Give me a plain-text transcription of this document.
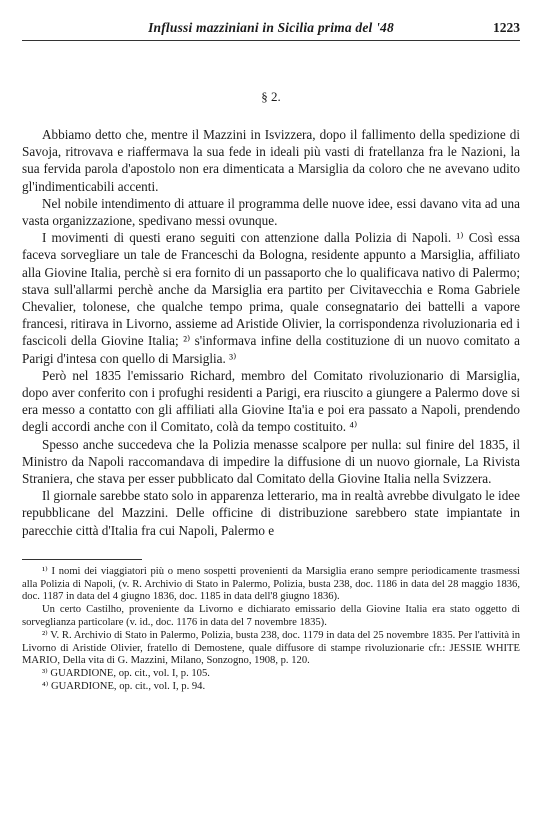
Influssi mazziniani in Sicilia prima del '48	1223
§ 2.

Abbiamo detto che, mentre il Mazzini in Isvizzera, dopo il fallimento della spedizione di Savoja, ritrovava e riaffermava la sua fede in ideali più vasti di fratellanza fra le Nazioni, la sua fervida parola d'apostolo non era dimenticata a Marsiglia da coloro che ne avevano udito gl'indimenticabili accenti.

Nel nobile intendimento di attuare il programma delle nuove idee, essi davano vita ad una vasta organizzazione, spedivano messi ovunque.

I movimenti di questi erano seguiti con attenzione dalla Polizia di Napoli. ¹⁾ Così essa faceva sorvegliare un tale de Franceschi da Bologna, residente appunto a Marsiglia, affiliato alla Giovine Italia, perchè si era fornito di un passaporto che lo qualificava nativo di Palermo; stava sull'allarmi perchè anche da Marsiglia era partito per Civitavecchia e Roma Gabriele Chevalier, tolonese, che qualche tempo prima, quale consegnatario dei battelli a vapore francesi, ritirava in Livorno, assieme ad Aristide Olivier, la corrispondenza rivoluzionaria ed i fascicoli della Giovine Italia; ²⁾ s'informava infine della costituzione di un nuovo comitato a Parigi d'intesa con quello di Marsiglia. ³⁾

Però nel 1835 l'emissario Richard, membro del Comitato rivoluzionario di Marsiglia, dopo aver conferito con i profughi residenti a Parigi, era riuscito a giungere a Palermo dove si era messo a contatto con gli affiliati alla Giovine Ita'ia e poi era passato a Napoli, prendendo degli accordi anche con il Comitato, colà da tempo costituito. ⁴⁾

Spesso anche succedeva che la Polizia menasse scalpore per nulla: sul finire del 1835, il Ministro da Napoli raccomandava di impedire la diffusione di un nuovo giornale, La Rivista Straniera, che stava per esser pubblicato dal Comitato della Giovine Italia nella Svizzera.

Il giornale sarebbe stato solo in apparenza letterario, ma in realtà avrebbe divulgato le idee repubblicane del Mazzini. Delle officine di distribuzione sarebbero state impiantate in parecchie città d'Italia fra cui Napoli, Palermo e

¹⁾ I nomi dei viaggiatori più o meno sospetti provenienti da Marsiglia erano sempre periodicamente trasmessi alla Polizia di Napoli, (v. R. Archivio di Stato in Palermo, Polizia, busta 238, doc. 1186 in data del 28 maggio 1836, doc. 1187 in data del 4 giugno 1836, doc. 1185 in data dell'8 giugno 1836).

Un certo Castilho, proveniente da Livorno e dichiarato emissario della Giovine Italia era stato oggetto di sorveglianza particolare (v. id., doc. 1176 in data del 7 novembre 1835).

²⁾ V. R. Archivio di Stato in Palermo, Polizia, busta 238, doc. 1179 in data del 25 novembre 1835. Per l'attività in Livorno di Aristide Olivier, fratello di Demostene, quale diffusore di stampe rivoluzionarie cfr.: JESSIE WHITE MARIO, Della vita di G. Mazzini, Milano, Sonzogno, 1908, p. 120.

³⁾ GUARDIONE, op. cit., vol. I, p. 105.

⁴⁾ GUARDIONE, op. cit., vol. I, p. 94.
